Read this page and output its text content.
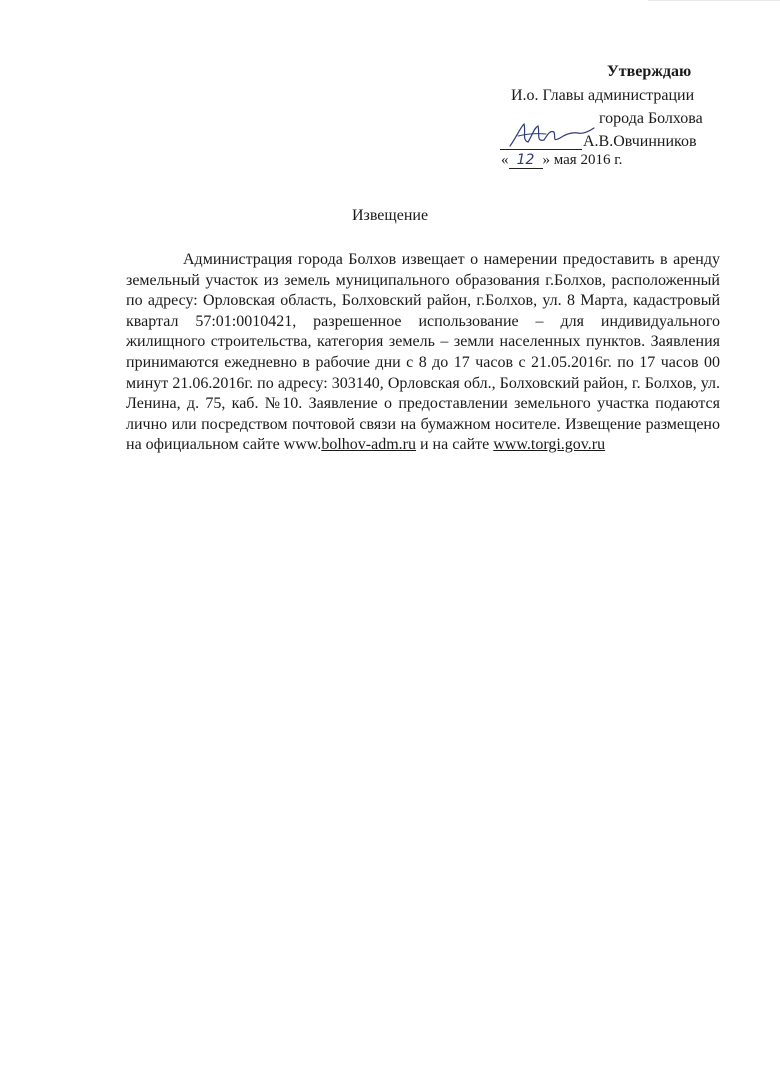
Утверждаю
И.о. Главы администрации
города Болхова
А.В.Овчинников
« 12 » мая 2016 г.
Извещение

Администрация города Болхов извещает о намерении предоставить в аренду земельный участок из земель муниципального образования г.Болхов, расположенный по адресу: Орловская область, Болховский район, г.Болхов, ул. 8 Марта, кадастровый квартал 57:01:0010421, разрешенное использование – для индивидуального жилищного строительства, категория земель – земли населенных пунктов. Заявления принимаются ежедневно в рабочие дни с 8 до 17 часов с 21.05.2016г. по 17 часов 00 минут 21.06.2016г. по адресу: 303140, Орловская обл., Болховский район, г. Болхов, ул. Ленина, д. 75, каб. №10. Заявление о предоставлении земельного участка подаются лично или посредством почтовой связи на бумажном носителе. Извещение размещено на официальном сайте www.bolhov-adm.ru и на сайте www.torgi.gov.ru
